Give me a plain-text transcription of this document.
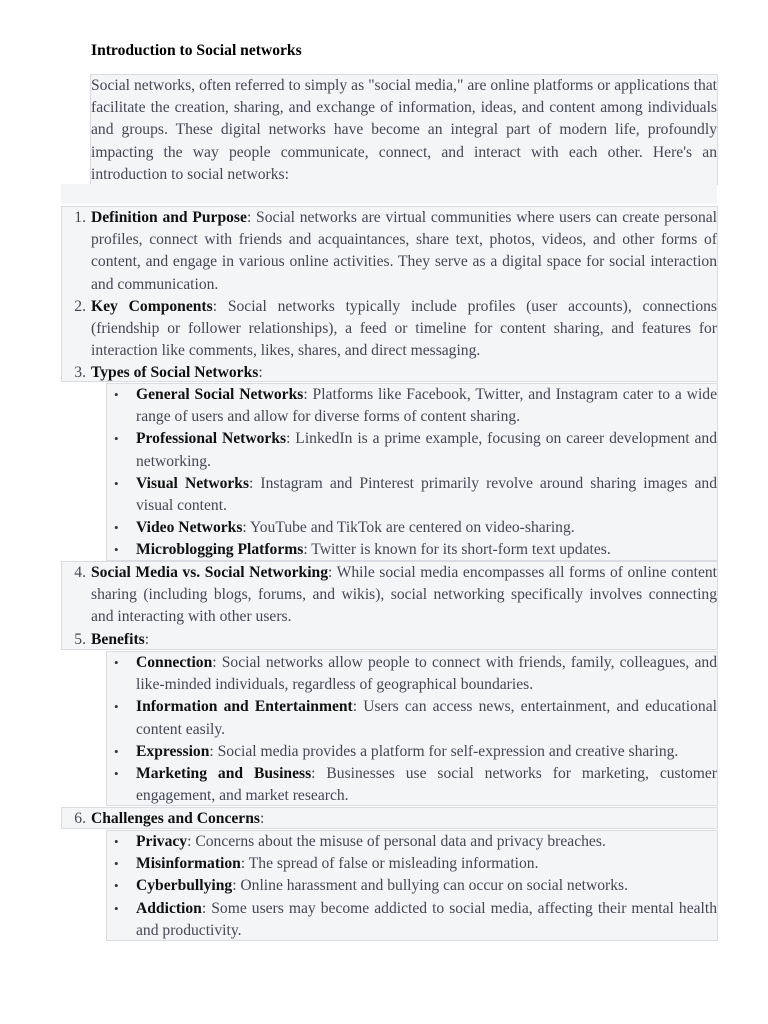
Introduction to Social networks
Social networks, often referred to simply as "social media," are online platforms or applications that facilitate the creation, sharing, and exchange of information, ideas, and content among individuals and groups. These digital networks have become an integral part of modern life, profoundly impacting the way people communicate, connect, and interact with each other. Here's an introduction to social networks:
1. Definition and Purpose: Social networks are virtual communities where users can create personal profiles, connect with friends and acquaintances, share text, photos, videos, and other forms of content, and engage in various online activities. They serve as a digital space for social interaction and communication.
2. Key Components: Social networks typically include profiles (user accounts), connections (friendship or follower relationships), a feed or timeline for content sharing, and features for interaction like comments, likes, shares, and direct messaging.
3. Types of Social Networks:
• General Social Networks: Platforms like Facebook, Twitter, and Instagram cater to a wide range of users and allow for diverse forms of content sharing.
• Professional Networks: LinkedIn is a prime example, focusing on career development and networking.
• Visual Networks: Instagram and Pinterest primarily revolve around sharing images and visual content.
• Video Networks: YouTube and TikTok are centered on video-sharing.
• Microblogging Platforms: Twitter is known for its short-form text updates.
4. Social Media vs. Social Networking: While social media encompasses all forms of online content sharing (including blogs, forums, and wikis), social networking specifically involves connecting and interacting with other users.
5. Benefits:
• Connection: Social networks allow people to connect with friends, family, colleagues, and like-minded individuals, regardless of geographical boundaries.
• Information and Entertainment: Users can access news, entertainment, and educational content easily.
• Expression: Social media provides a platform for self-expression and creative sharing.
• Marketing and Business: Businesses use social networks for marketing, customer engagement, and market research.
6. Challenges and Concerns:
• Privacy: Concerns about the misuse of personal data and privacy breaches.
• Misinformation: The spread of false or misleading information.
• Cyberbullying: Online harassment and bullying can occur on social networks.
• Addiction: Some users may become addicted to social media, affecting their mental health and productivity.
